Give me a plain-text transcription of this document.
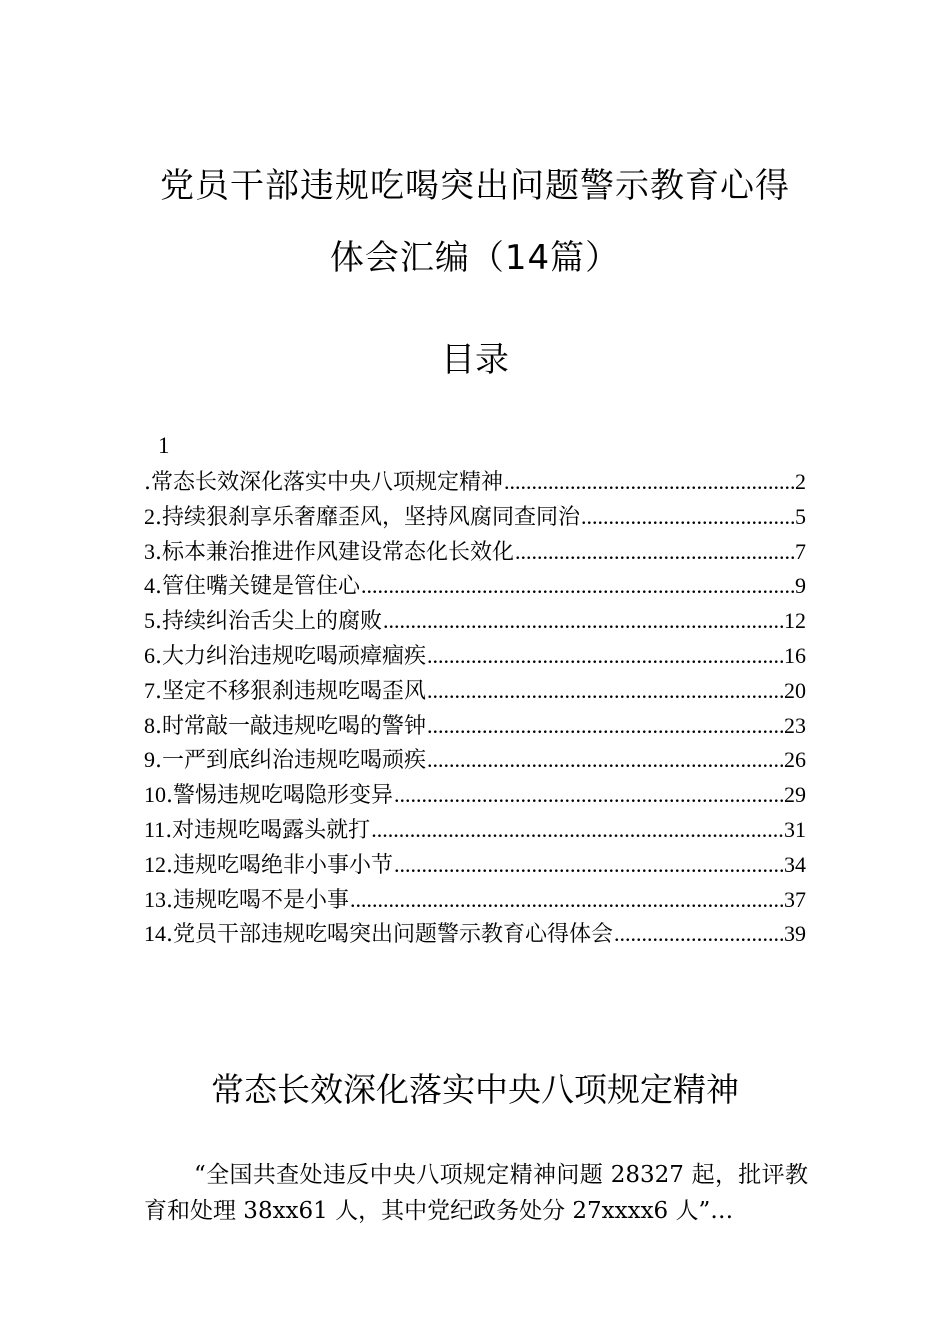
党员干部违规吃喝突出问题警示教育心得
体会汇编（14篇）
目录
1
.常态长效深化落实中央八项规定精神 .....	2
2.持续狠刹享乐奢靡歪风，坚持风腐同查同治 .....	5
3.标本兼治推进作风建设常态化长效化 .....	7
4.管住嘴关键是管住心 .....	9
5.持续纠治舌尖上的腐败 .....	12
6.大力纠治违规吃喝顽瘴痼疾 .....	16
7.坚定不移狠刹违规吃喝歪风 .....	20
8.时常敲一敲违规吃喝的警钟 .....	23
9.一严到底纠治违规吃喝顽疾 .....	26
10.警惕违规吃喝隐形变异 .....	29
11.对违规吃喝露头就打 .....	31
12.违规吃喝绝非小事小节 .....	34
13.违规吃喝不是小事 .....	37
14.党员干部违规吃喝突出问题警示教育心得体会 .....	39
常态长效深化落实中央八项规定精神
“全国共查处违反中央八项规定精神问题 28327 起，批评教育和处理 38xx61 人，其中党纪政务处分 27xxxx6 人”…
